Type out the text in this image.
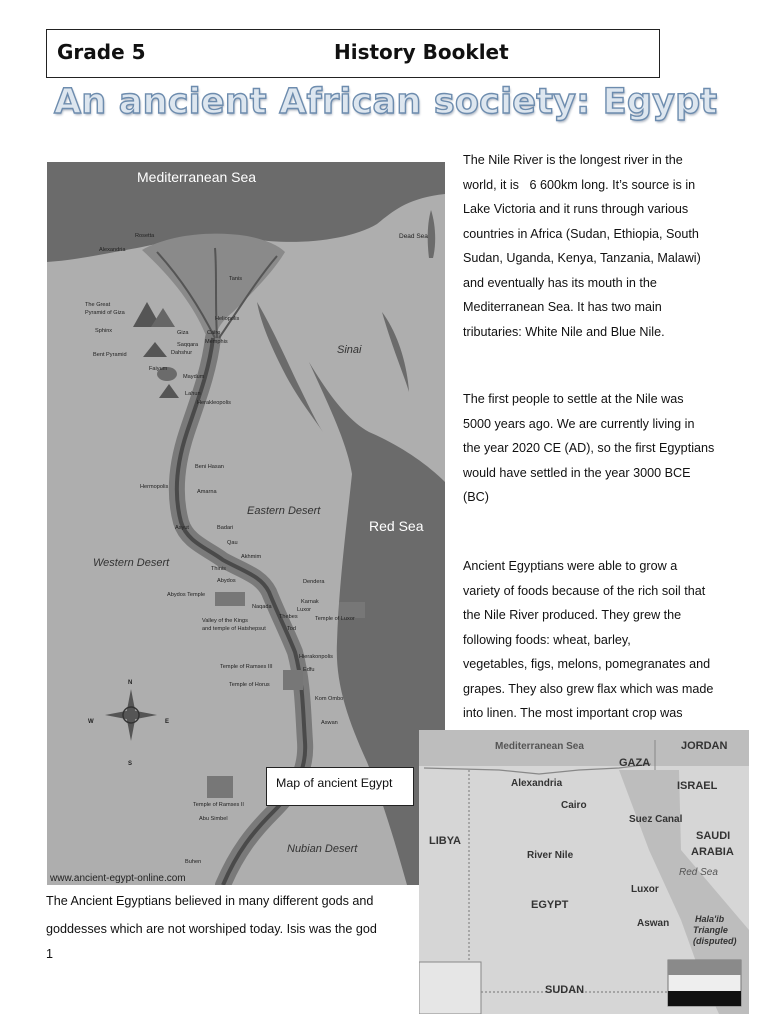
Grade 5	History Booklet
An ancient African society: Egypt
The Nile River is the longest river in the
world, it is   6 600km long. It’s source is in
Lake Victoria and it runs through various
countries in Africa (Sudan, Ethiopia, South
Sudan, Uganda, Kenya, Tanzania, Malawi)
and eventually has its mouth in the
Mediterranean Sea. It has two main
tributaries: White Nile and Blue Nile.
The first people to settle at the Nile was
5000 years ago. We are currently living in
the year 2020 CE (AD), so the first Egyptians
would have settled in the year 3000 BCE
(BC)
Ancient Egyptians were able to grow a
variety of foods because of the rich soil that
the Nile River produced. They grew the
following foods: wheat, barley,
vegetables, figs, melons, pomegranates and
grapes. They also grew flax which was made
into linen. The most important crop was
Mediterranean Sea
Dead Sea
Sinai
Eastern Desert
Red Sea
Western Desert
Nubian Desert
Rosetta
Alexandria
Tanis
The Great
Pyramid of Giza
Sphinx	Giza
Heliopolis
Cairo
Memphis
Saqqara
Dahshur
Bent Pyramid
Faiyum
Maydum
Lahun
Herakleopolis
Beni Hasan
Hermopolis
Amarna
Asyut	Badari
Qau
Akhmim
Thinis
Abydos	Dendera
Abydos Temple
Karnak
Luxor
Naqada
Thebes	Temple of Luxor
Valley of the Kings
and temple of Hatshepsut	Tod
Temple of Ramses III
Hierakonpolis
Edfu
Temple of Horus
Kom Ombo
Aswan
Temple of Ramses II
Abu Simbel
Buhen
N
S
E
W
www.ancient-egypt-online.com
Map of ancient Egypt
Mediterranean Sea	JORDAN
GAZA
ISRAEL
Alexandria
Cairo
Suez Canal
LIBYA	SAUDI
ARABIA
River Nile
Red Sea
Luxor
EGYPT
Aswan	Hala'ib
Triangle
(disputed)
SUDAN
The Ancient Egyptians believed in many different gods and
goddesses which are not worshiped today. Isis was the god
1
